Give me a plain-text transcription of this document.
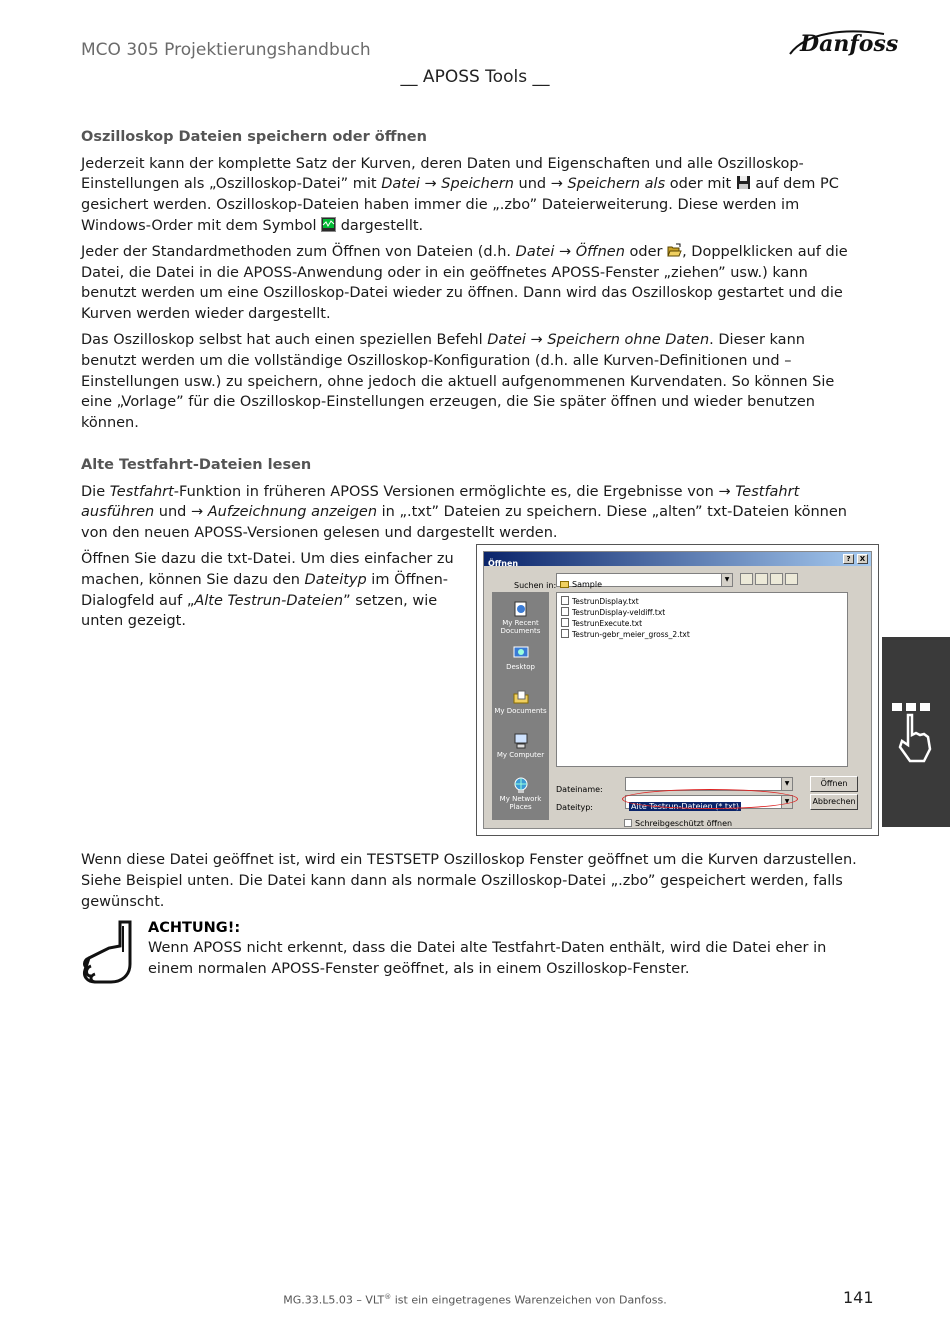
MCO 305 Projektierungshandbuch	Danfoss
__ APOSS Tools __
Oszilloskop Dateien speichern oder öffnen

Jederzeit kann der komplette Satz der Kurven, deren Daten und Eigenschaften und alle Oszilloskop-Einstellungen als „Oszilloskop-Datei” mit Datei → Speichern und → Speichern als oder mit  auf dem PC gesichert werden. Oszilloskop-Dateien haben immer die „.zbo” Dateierweiterung. Diese werden im Windows-Order mit dem Symbol  dargestellt.

Jeder der Standardmethoden zum Öffnen von Dateien (d.h. Datei → Öffnen oder , Doppelklicken auf die Datei, die Datei in die APOSS-Anwendung oder in ein geöffnetes APOSS-Fenster „ziehen” usw.) kann benutzt werden um eine Oszilloskop-Datei wieder zu öffnen. Dann wird das Oszilloskop gestartet und die Kurven werden wieder dargestellt.

Das Oszilloskop selbst hat auch einen speziellen Befehl Datei → Speichern ohne Daten. Dieser kann benutzt werden um die vollständige Oszilloskop-Konfiguration (d.h. alle Kurven-Definitionen und –Einstellungen usw.) zu speichern, ohne jedoch die aktuell aufgenommenen Kurvendaten. So können Sie eine „Vorlage” für die Oszilloskop-Einstellungen erzeugen, die Sie später öffnen und wieder benutzen können.

Alte Testfahrt-Dateien lesen

Die Testfahrt-Funktion in früheren APOSS Versionen ermöglichte es, die Ergebnisse von → Testfahrt ausführen und → Aufzeichnung anzeigen in „.txt” Dateien zu speichern. Diese „alten” txt-Dateien können von den neuen APOSS-Versionen gelesen und dargestellt werden.

Öffnen Sie dazu die txt-Datei. Um dies einfacher zu machen, können Sie dazu den Dateityp im Öffnen-Dialogfeld auf „Alte Testrun-Dateien” setzen, wie unten gezeigt.

Öffnen	?	X
Suchen in:	Sample
▼
My Recent Documents
Desktop
My Documents
My Computer
My Network Places
TestrunDisplay.txt
TestrunDisplay-veldiff.txt
TestrunExecute.txt
Testrun-gebr_meier_gross_2.txt
Dateiname:
▼
Dateityp:	Alte Testrun-Dateien (*.txt)
▼
Öffnen
Abbrechen
Schreibgeschützt öffnen

Wenn diese Datei geöffnet ist, wird ein TESTSETP Oszilloskop Fenster geöffnet um die Kurven darzustellen. Siehe Beispiel unten. Die Datei kann dann als normale Oszilloskop-Datei „.zbo” gespeichert werden, falls gewünscht.

ACHTUNG!:
Wenn APOSS nicht erkennt, dass die Datei alte Testfahrt-Daten enthält, wird die Datei eher in einem normalen APOSS-Fenster geöffnet, als in einem Oszilloskop-Fenster.
MG.33.L5.03 – VLT® ist ein eingetragenes Warenzeichen von Danfoss.	141
